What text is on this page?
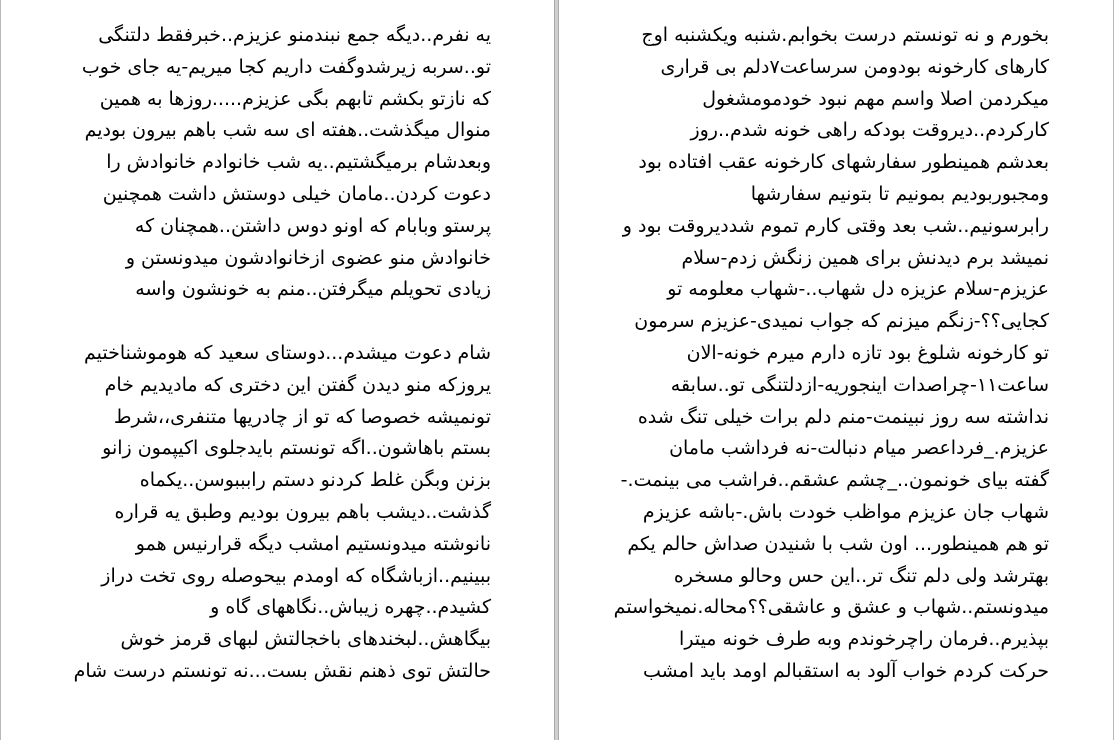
یه نفرم..دیگه جمع نبندمنو عزیزم..خبرفقط دلتنگی
تو..سربه زیرشدوگفت داریم کجا میریم-یه جای خوب
که نازتو بکشم تابهم بگی عزیزم.....روزها به همین
منوال میگذشت..هفته ای سه شب باهم بیرون بودیم
وبعدشام برمیگشتیم..یه شب خانوادم خانوادش را
دعوت کردن..مامان خیلی دوستش داشت همچنین
پرستو وبابام که اونو دوس داشتن..همچنان که
خانوادش منو عضوی ازخانوادشون میدونستن و
زیادی تحویلم میگرفتن..منم به خونشون واسه
شام دعوت میشدم...دوستای سعید که هوموشناختیم
یروزکه منو دیدن گفتن این دختری که مادیدیم خام
تونمیشه خصوصا که تو از چادریها متنفری،،شرط
بستم باهاشون..اگه تونستم بایدجلوی اکیپمون زانو
بزنن وبگن غلط کردنو دستم رابببوسن..یکماه
گذشت..دیشب باهم بیرون بودیم وطبق یه قراره
نانوشته میدونستیم امشب دیگه قرارنیس همو
ببینیم..ازباشگاه که اومدم بیحوصله روی تخت دراز
کشیدم..چهره زیباش..نگاههای گاه و
بیگاهش..لبخندهای باخجالتش لبهای قرمز خوش
حالتش توی ذهنم نقش بست...نه تونستم درست شام
بخورم و نه تونستم درست بخوابم.شنبه ویکشنبه اوج
کارهای کارخونه بودومن سرساعت۷دلم بی قراری
میکردمن اصلا واسم مهم نبود خودمومشغول
کارکردم..دیروقت بودکه راهی خونه شدم..روز
بعدشم همینطور سفارشهای کارخونه عقب افتاده بود
ومجبوربودیم بمونیم تا بتونیم سفارشها
رابرسونیم..شب بعد وقتی کارم تموم شددیروقت بود و
نمیشد برم دیدنش برای همین زنگش زدم-سلام
عزیزم-سلام عزیزه دل شهاب..-شهاب معلومه تو
کجایی؟؟-زنگم میزنم که جواب نمیدی-عزیزم سرمون
تو کارخونه شلوغ بود تازه دارم میرم خونه-الان
ساعت۱۱-چراصدات اینجوریه-ازدلتنگی تو..سابقه
نداشته سه روز نبینمت-منم دلم برات خیلی تنگ شده
عزیزم._فرداعصر میام دنبالت-نه فرداشب مامان
گفته بیای خونمون.._چشم عشقم..فراشب می بینمت.-
شهاب جان عزیزم مواظب خودت باش.-باشه عزیزم
تو هم همینطور... اون شب با شنیدن صداش حالم یکم
بهترشد ولی دلم تنگ تر..این حس وحالو مسخره
میدونستم..شهاب و عشق و عاشقی؟؟محاله.نمیخواستم
بپذیرم..فرمان راچرخوندم وبه طرف خونه میترا
حرکت کردم خواب آلود به استقبالم اومد باید امشب
